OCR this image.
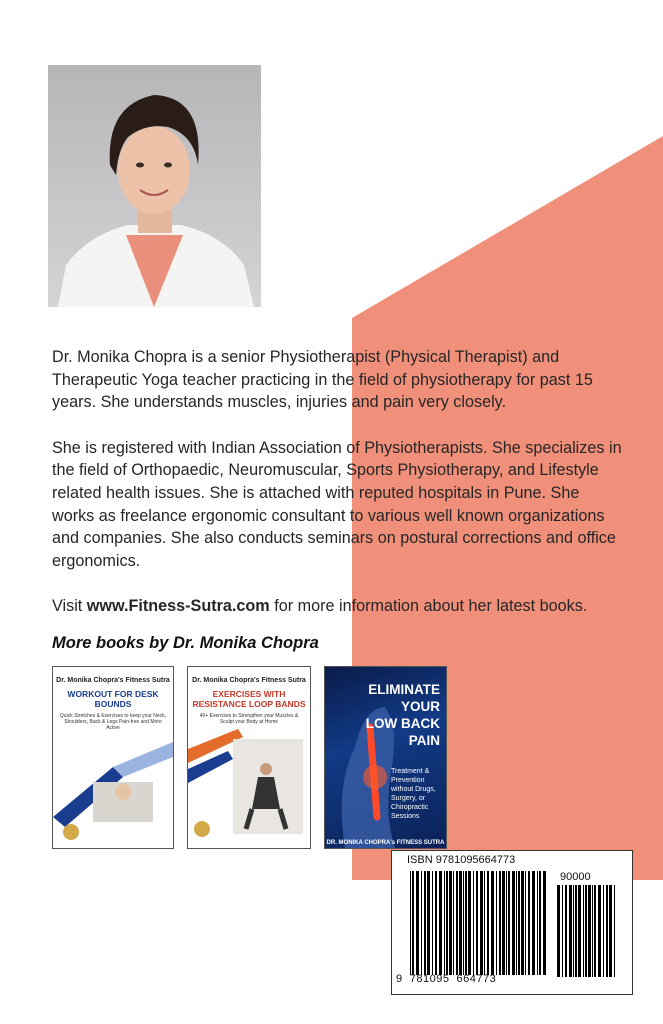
Dr. Monika Chopra is a senior Physiotherapist (Physical Therapist) and Therapeutic Yoga teacher practicing in the field of physiotherapy for past 15 years. She understands muscles, injuries and pain very closely.

She is registered with Indian Association of Physiotherapists. She specializes in the field of Orthopaedic, Neuromuscular, Sports Physiotherapy, and Lifestyle related health issues. She is attached with reputed hospitals in Pune. She works as freelance ergonomic consultant to various well known organizations and companies. She also conducts seminars on postural corrections and office ergonomics.

Visit www.Fitness-Sutra.com for more information about her latest books.

More books by Dr. Monika Chopra
Dr. Monika Chopra's Fitness Sutra
WORKOUT FOR DESK BOUNDS
Quick Stretches & Exercises to keep your Neck, Shoulders, Back & Legs Pain-free and More Active
Dr. Monika Chopra's Fitness Sutra
EXERCISES WITH RESISTANCE LOOP BANDS
40+ Exercises to Strengthen your Muscles & Sculpt your Body at Home
ELIMINATE
YOUR
LOW BACK
PAIN
Treatment & Prevention without Drugs, Surgery, or Chiropractic Sessions
DR. MONIKA CHOPRA's FITNESS SUTRA
ISBN 9781095664773
90000
9  781095  664773
